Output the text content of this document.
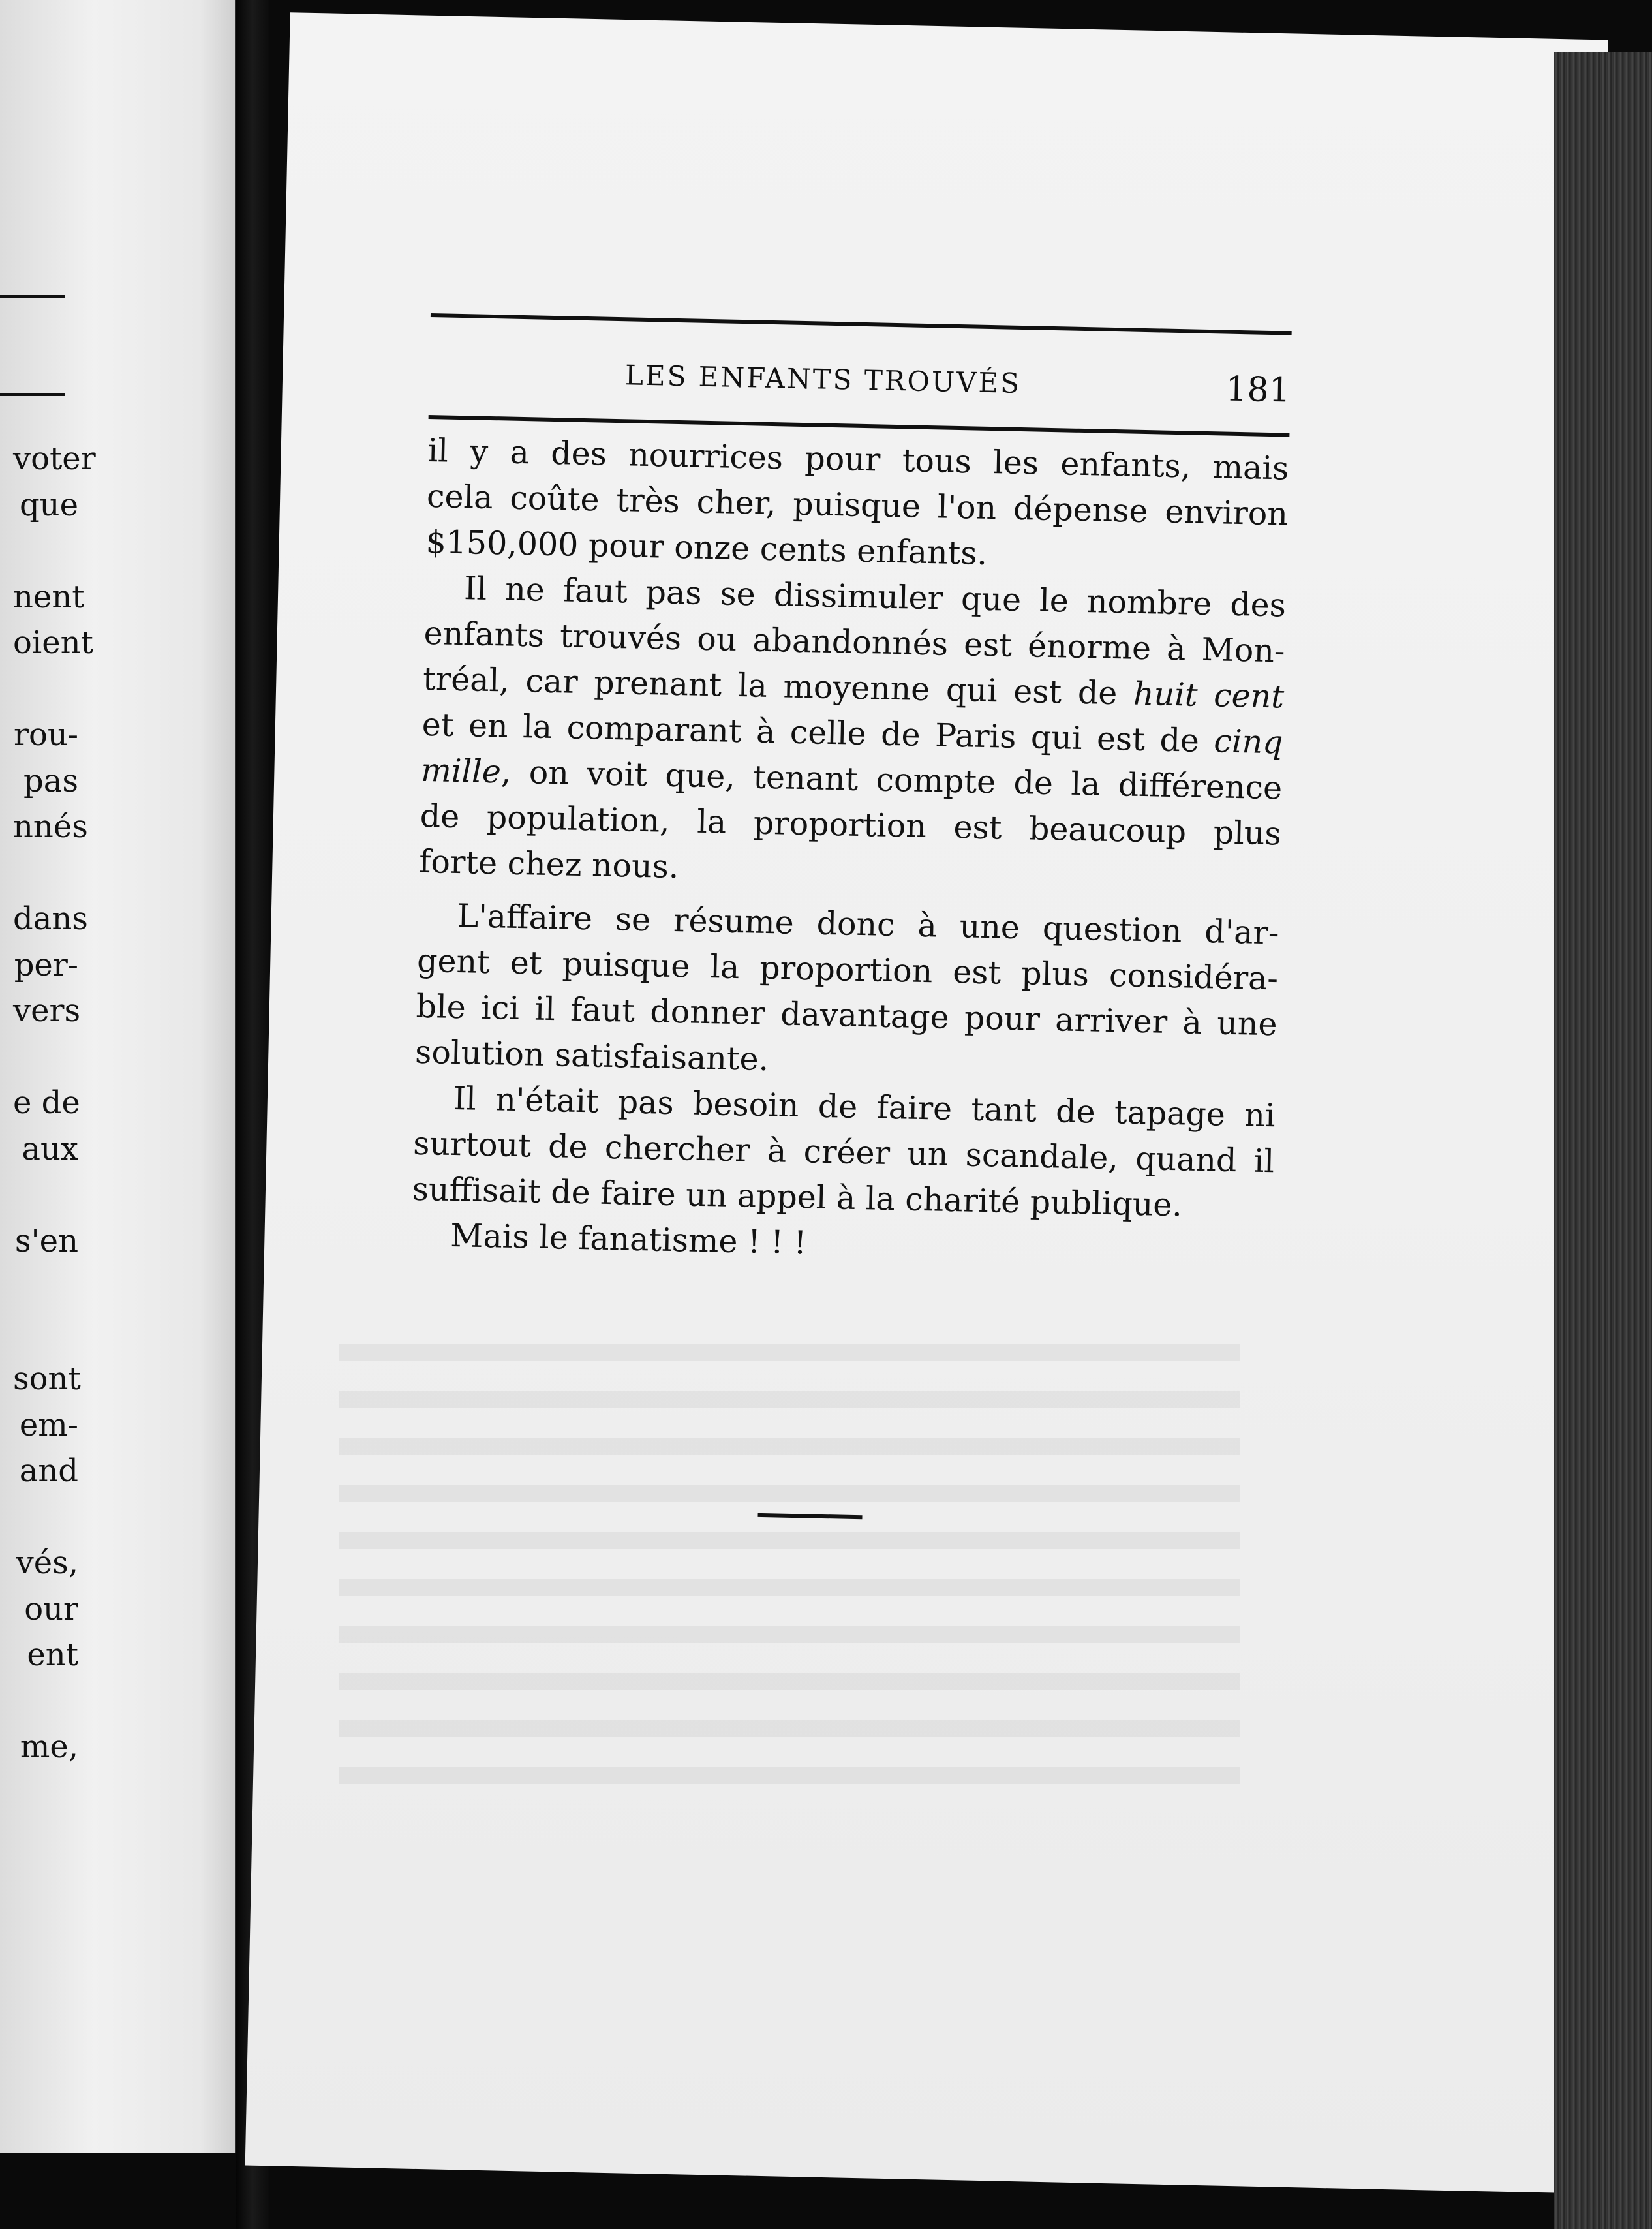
voter
que
nent
oient
rou-
pas
nnés
dans
per-
vers
e de
aux
s'en
sont
em-
and
vés,
our
ent
me,
LES ENFANTS TROUVÉS	181
il y a des nourrices pour tous les enfants, mais
cela coûte très cher, puisque l'on dépense environ
$150,000 pour onze cents enfants.
Il ne faut pas se dissimuler que le nombre des
enfants trouvés ou abandonnés est énorme à Mon-
tréal, car prenant la moyenne qui est de huit cent
et en la comparant à celle de Paris qui est de cinq
mille, on voit que, tenant compte de la différence
de population, la proportion est beaucoup plus
forte chez nous.
L'affaire se résume donc à une question d'ar-
gent et puisque la proportion est plus considéra-
ble ici il faut donner davantage pour arriver à une
solution satisfaisante.
Il n'était pas besoin de faire tant de tapage ni
surtout de chercher à créer un scandale, quand il
suffisait de faire un appel à la charité publique.
Mais le fanatisme ! ! !
